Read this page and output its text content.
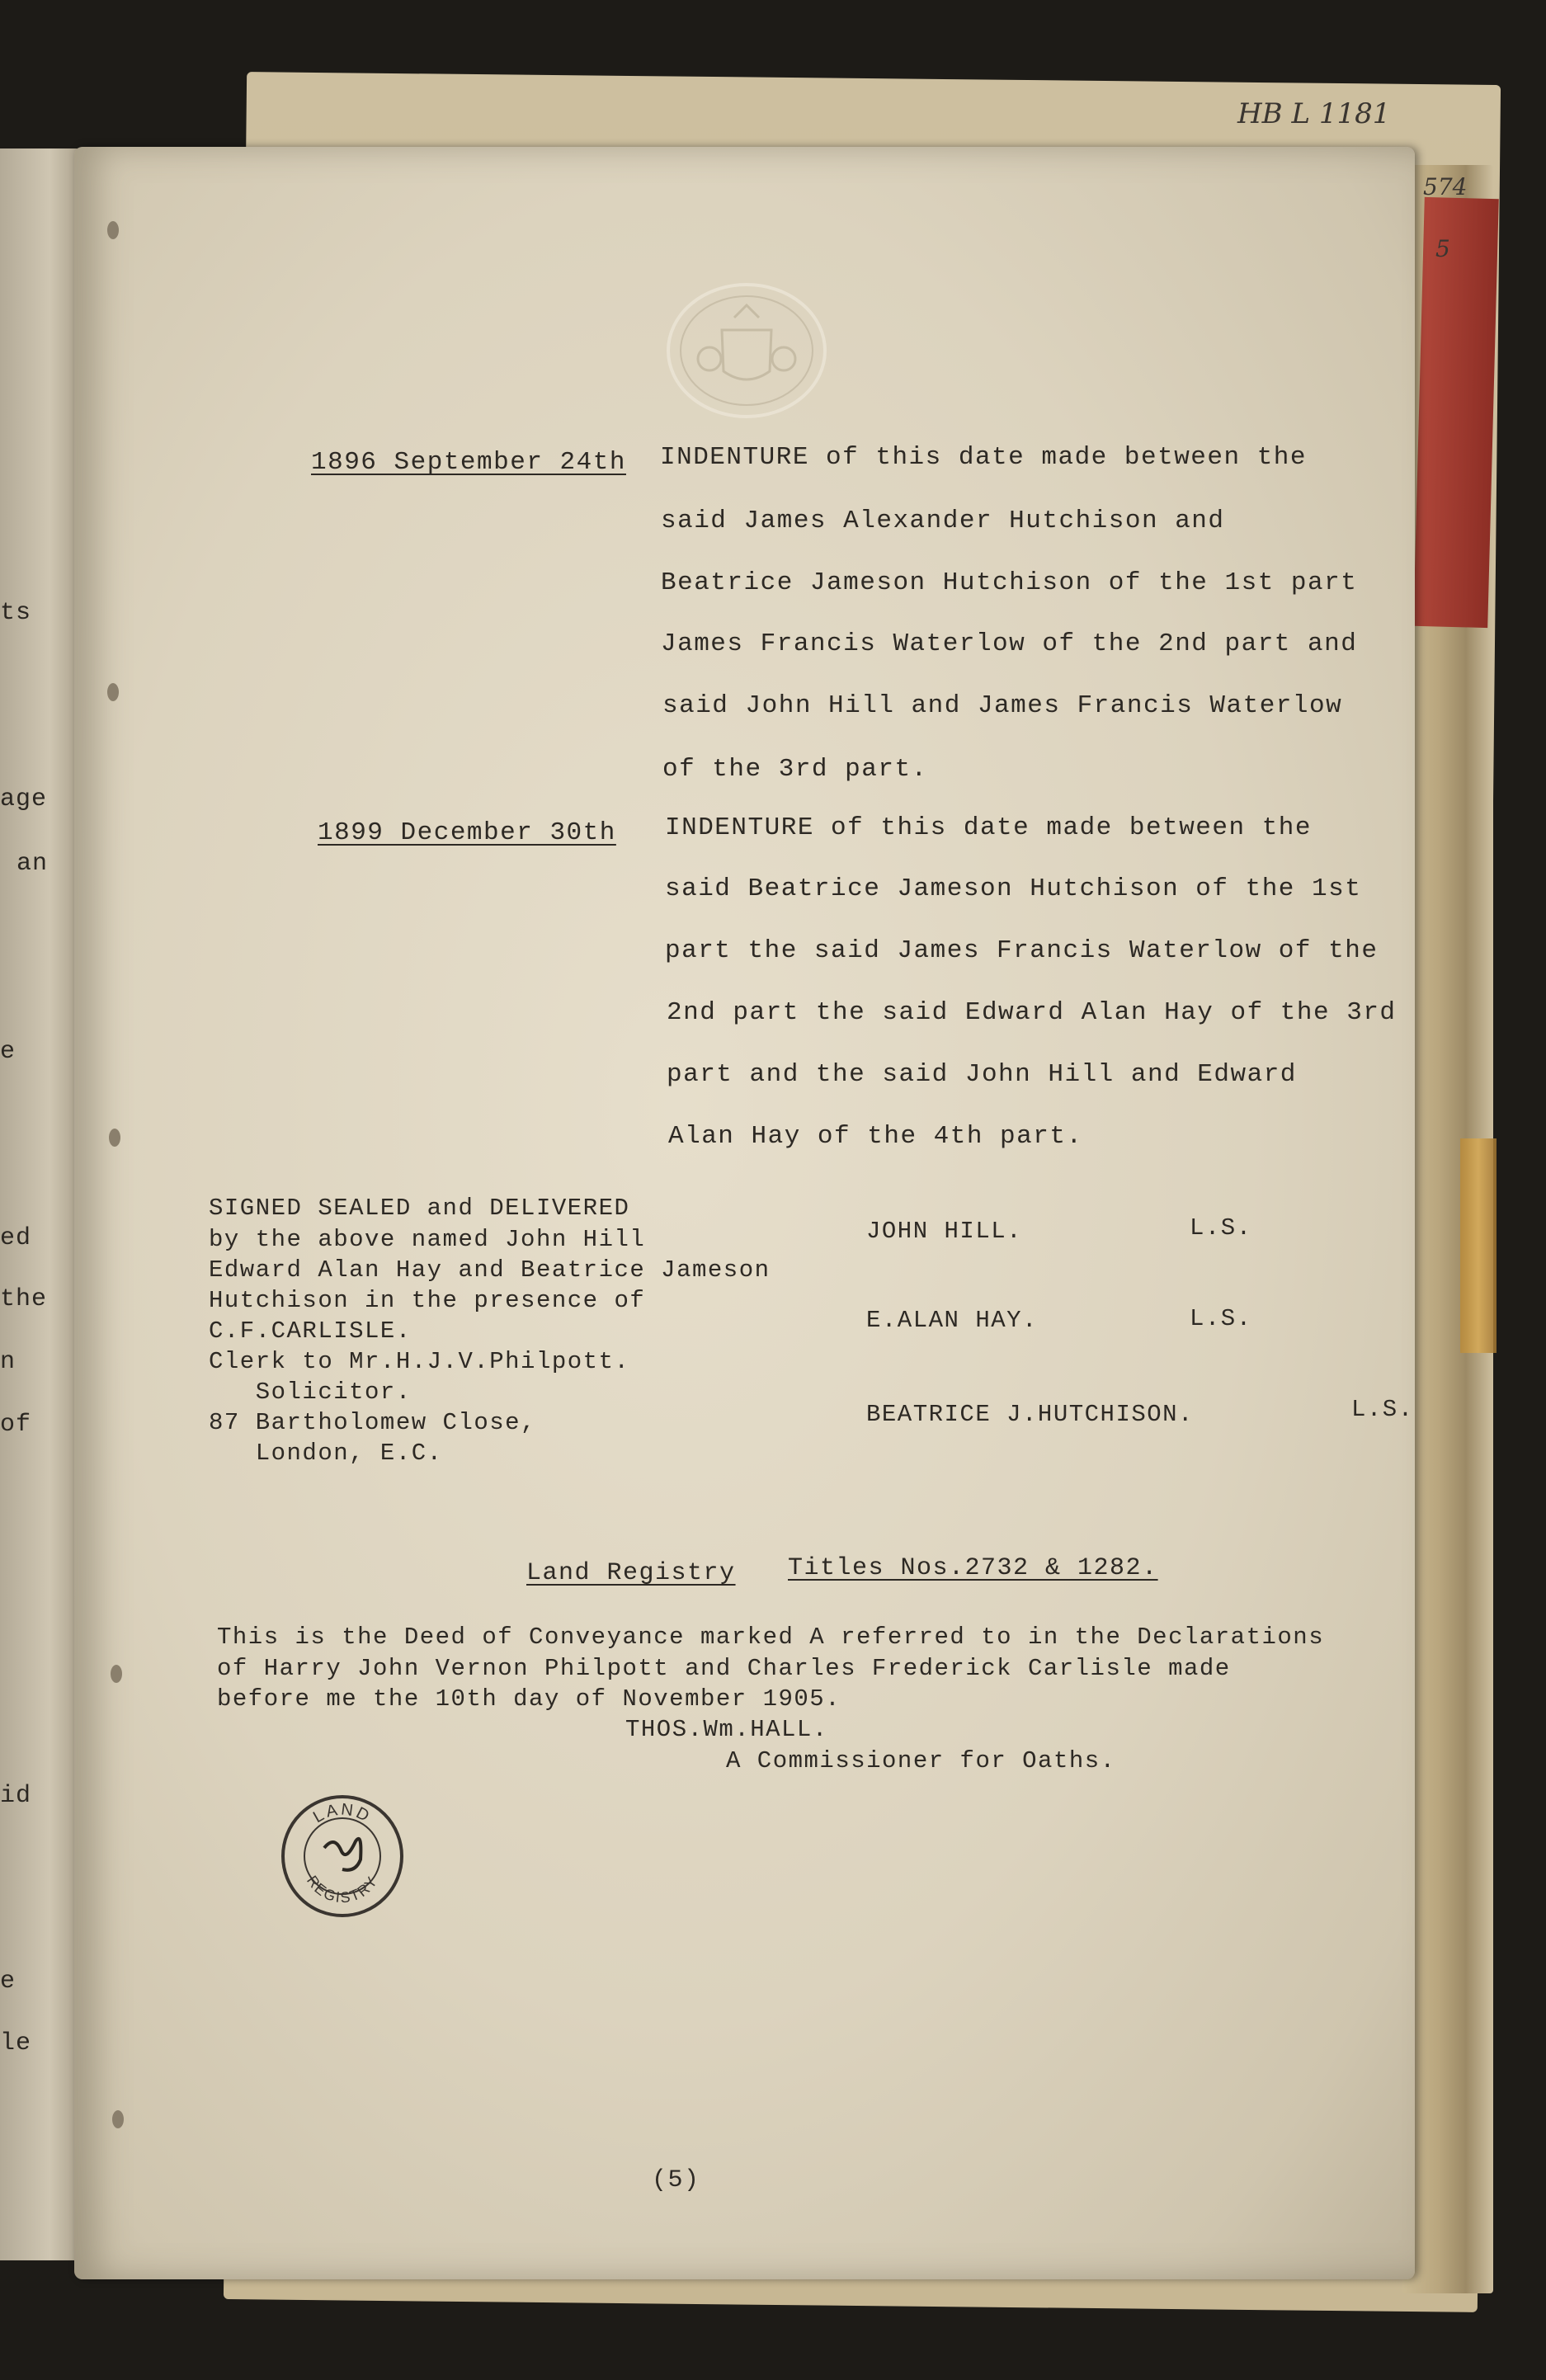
ts
age
an
e
ed
the
n
of
id
e
le
HB L 1181
574
5
1896 September 24th INDENTURE of this date made between the
said James Alexander Hutchison and
Beatrice Jameson Hutchison of the 1st part
James Francis Waterlow of the 2nd part and
said John Hill and James Francis Waterlow
of the 3rd part.
1899 December 30th INDENTURE of this date made between the
said Beatrice Jameson Hutchison of the 1st
part the said James Francis Waterlow of the
2nd part the said Edward Alan Hay of the 3rd
part and the said John Hill and Edward
Alan Hay of the 4th part.
SIGNED SEALED and DELIVERED
by the above named John Hill
Edward Alan Hay and Beatrice Jameson
Hutchison in the presence of
C.F.CARLISLE.
Clerk to Mr.H.J.V.Philpott.
Solicitor.
87 Bartholomew Close,
London, E.C.
JOHN HILL.	L.S.
E.ALAN HAY.	L.S.
BEATRICE J.HUTCHISON.	L.S.
Land Registry Titles Nos.2732 & 1282.
This is the Deed of Conveyance marked A referred to in the Declarations
of Harry John Vernon Philpott and Charles Frederick Carlisle made
before me the 10th day of November 1905.
THOS.Wm.HALL.
A Commissioner for Oaths.
LAND
REGISTRY
(5)
